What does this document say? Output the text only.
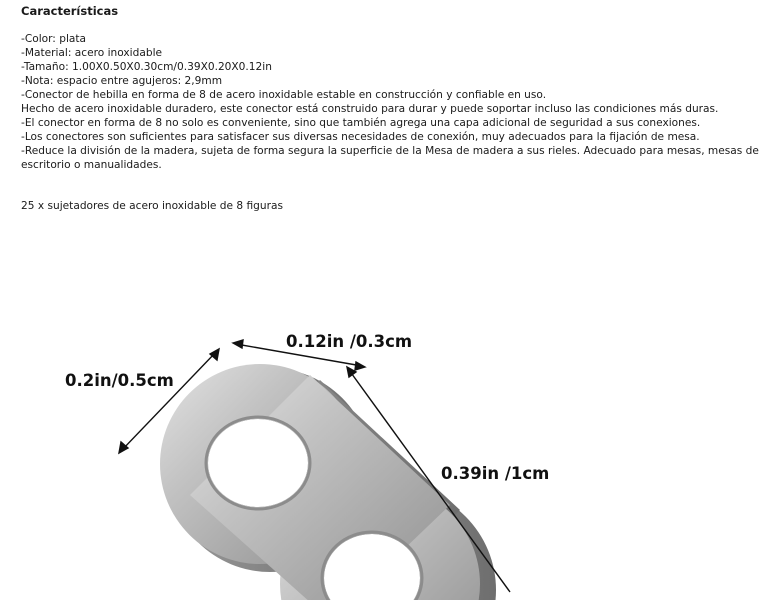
Características
-Color: plata
-Material: acero inoxidable
-Tamaño: 1.00X0.50X0.30cm/0.39X0.20X0.12in
-Nota: espacio entre agujeros: 2,9mm
-Conector de hebilla en forma de 8 de acero inoxidable estable en construcción y confiable en uso.
Hecho de acero inoxidable duradero, este conector está construido para durar y puede soportar incluso las condiciones más duras.
-El conector en forma de 8 no solo es conveniente, sino que también agrega una capa adicional de seguridad a sus conexiones.
-Los conectores son suficientes para satisfacer sus diversas necesidades de conexión, muy adecuados para la fijación de mesa.
-Reduce la división de la madera, sujeta de forma segura la superficie de la Mesa de madera a sus rieles. Adecuado para mesas, mesas de escritorio o manualidades.

25 x sujetadores de acero inoxidable de 8 figuras

0.2in/0.5cm
0.12in /0.3cm
0.39in /1cm
